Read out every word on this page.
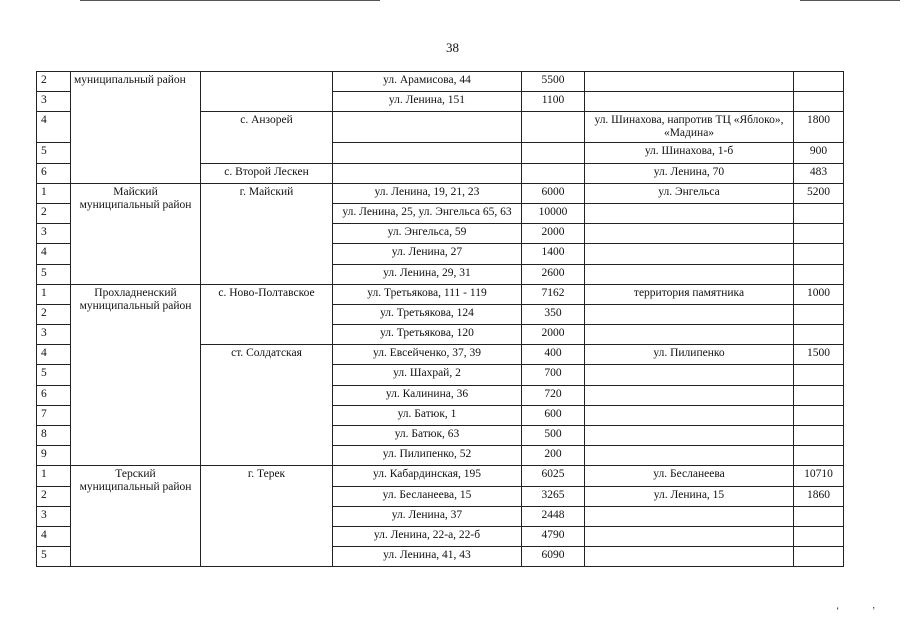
38
2	муниципальный район		ул. Арамисова, 44	5500		
3			ул. Ленина, 151	1100		
4		с. Анзорей			ул. Шинахова, напротив ТЦ «Яблоко», «Мадина»	1800
5					ул. Шинахова, 1-б	900
6		с. Второй Лескен			ул. Ленина, 70	483
1	Майский муниципальный район	г. Майский	ул. Ленина, 19, 21, 23	6000	ул. Энгельса	5200
2			ул. Ленина, 25, ул. Энгельса 65, 63	10000		
3			ул. Энгельса, 59	2000		
4			ул. Ленина, 27	1400		
5			ул. Ленина, 29, 31	2600		
1	Прохладненский муниципальный район	с. Ново-Полтавское	ул. Третьякова, 111 - 119	7162	территория памятника	1000
2			ул. Третьякова, 124	350		
3			ул. Третьякова, 120	2000		
4		ст. Солдатская	ул. Евсейченко, 37, 39	400	ул. Пилипенко	1500
5			ул. Шахрай, 2	700		
6			ул. Калинина, 36	720		
7			ул. Батюк, 1	600		
8			ул. Батюк, 63	500		
9			ул. Пилипенко, 52	200		
1	Терский муниципальный район	г. Терек	ул. Кабардинская, 195	6025	ул. Бесланеева	10710
2			ул. Бесланеева, 15	3265	ул. Ленина, 15	1860
3			ул. Ленина, 37	2448		
4			ул. Ленина, 22-а, 22-б	4790		
5			ул. Ленина, 41, 43	6090		
ʻ	ʼ
